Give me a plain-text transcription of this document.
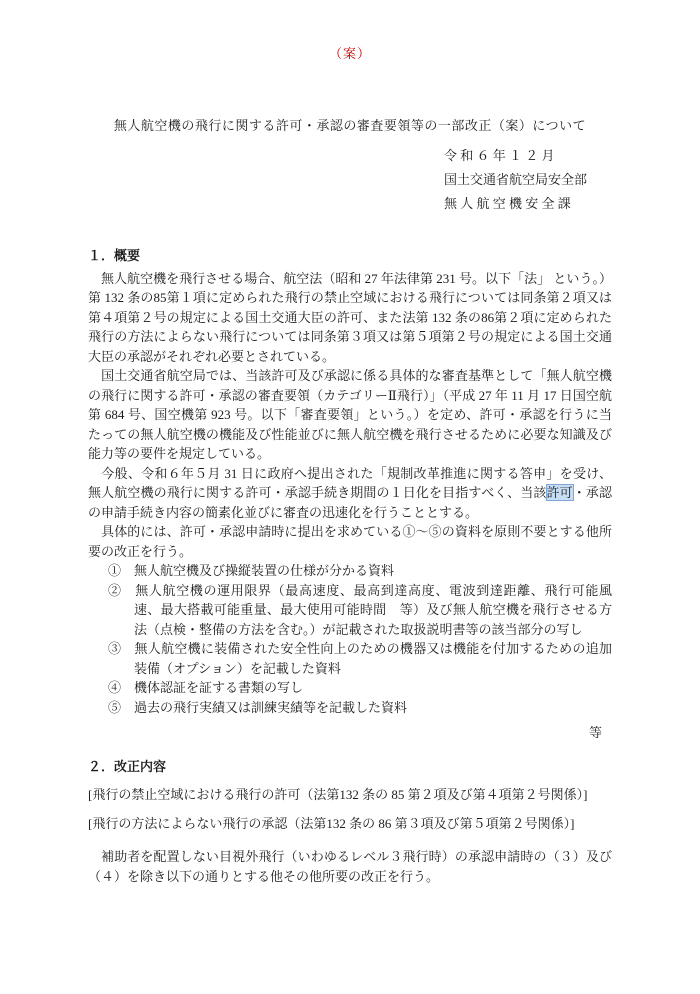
（案）
無人航空機の飛行に関する許可・承認の審査要領等の一部改正（案）について
令 和 ６ 年 １ ２ 月
国土交通省航空局安全部
無 人 航 空 機 安 全 課
１．概要

　無人航空機を飛行させる場合、航空法（昭和 27 年法律第 231 号。以下「法」 という。）第 132 条の85第１項に定められた飛行の禁止空域における飛行については同条第２項又は第４項第２号の規定による国土交通大臣の許可、また法第 132 条の86第２項に定められた飛行の方法によらない飛行については同条第３項又は第５項第２号の規定による国土交通大臣の承認がそれぞれ必要とされている。

　国土交通省航空局では、当該許可及び承認に係る具体的な審査基準として「無人航空機の飛行に関する許可・承認の審査要領（カテゴリーⅡ飛行）」（平成 27 年 11 月 17 日国空航第 684 号、国空機第 923 号。以下「審査要領」という。）を定め、許可・承認を行うに当たっての無人航空機の機能及び性能並びに無人航空機を飛行させるために必要な知識及び能力等の要件を規定している。

　今般、令和６年５月 31 日に政府へ提出された「規制改革推進に関する答申」を受け、無人航空機の飛行に関する許可・承認手続き期間の１日化を目指すべく、当該許可・承認の申請手続き内容の簡素化並びに審査の迅速化を行うこととする。

　具体的には、許可・承認申請時に提出を求めている①～⑤の資料を原則不要とする他所要の改正を行う。

①　無人航空機及び操縦装置の仕様が分かる資料

②　無人航空機の運用限界（最高速度、最高到達高度、電波到達距離、飛行可能風速、最大搭載可能重量、最大使用可能時間　等）及び無人航空機を飛行させる方法（点検・整備の方法を含む。）が記載された取扱説明書等の該当部分の写し

③　無人航空機に装備された安全性向上のための機器又は機能を付加するための追加装備（オプション）を記載した資料

④　機体認証を証する書類の写し

⑤　過去の飛行実績又は訓練実績等を記載した資料

等
２．改正内容
[飛行の禁止空域における飛行の許可（法第132 条の 85 第２項及び第４項第２号関係）]
[飛行の方法によらない飛行の承認（法第132 条の 86 第３項及び第５項第２号関係）]

　補助者を配置しない目視外飛行（いわゆるレベル３飛行時）の承認申請時の（３）及び（４）を除き以下の通りとする他その他所要の改正を行う。
